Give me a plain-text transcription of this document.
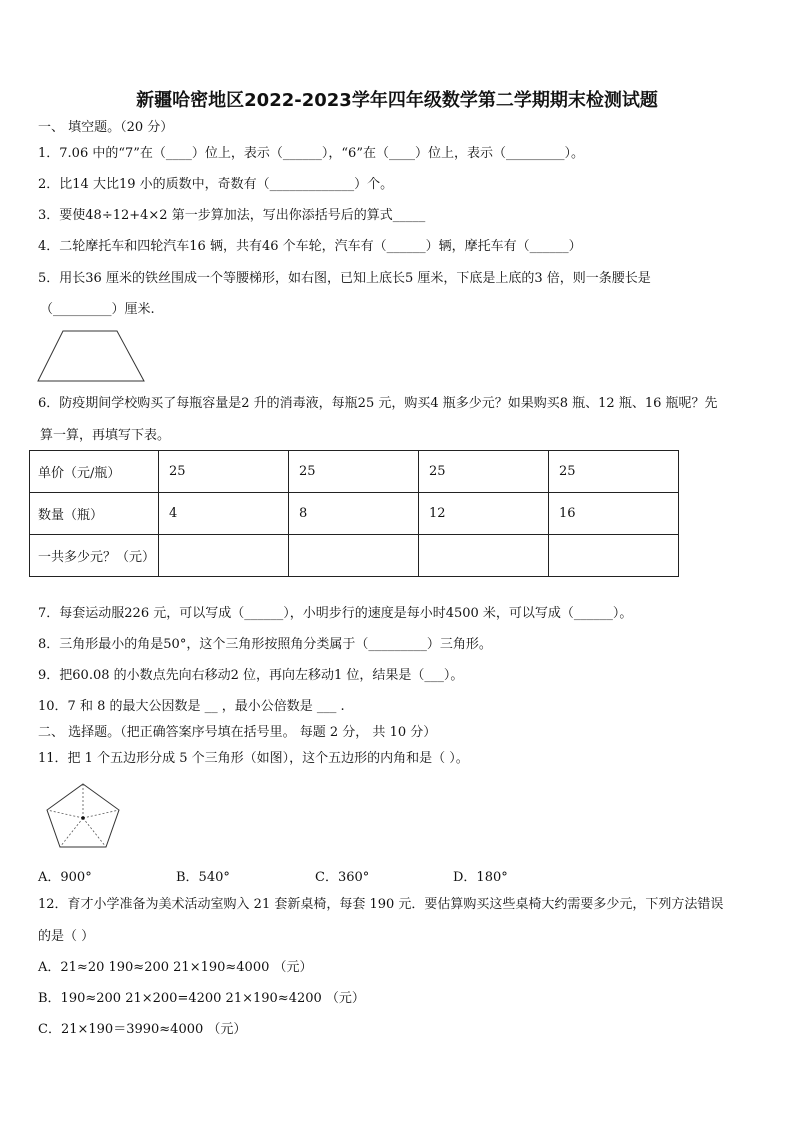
新疆哈密地区2022-2023学年四年级数学第二学期期末检测试题
一、 填空题。（20 分）
1．7.06 中的“7”在（____）位上，表示（______），“6”在（____）位上，表示（_________）。
2．比14 大比19 小的质数中，奇数有（_____________）个。
3．要使48÷12+4×2 第一步算加法，写出你添括号后的算式_____
4．二轮摩托车和四轮汽车16 辆，共有46 个车轮，汽车有（______）辆，摩托车有（______）
5．用长36 厘米的铁丝围成一个等腰梯形，如右图，已知上底长5 厘米，下底是上底的3 倍，则一条腰长是
（_________）厘米.
6．防疫期间学校购买了每瓶容量是2 升的消毒液，每瓶25 元，购买4 瓶多少元？如果购买8 瓶、12 瓶、16 瓶呢？先
算一算，再填写下表。
单价（元/瓶）	25	25	25	25
数量（瓶）	4	8	12	16
一共多少元？（元）				
7．每套运动服226 元，可以写成（______），小明步行的速度是每小时4500 米，可以写成（______）。
8．三角形最小的角是50°，这个三角形按照角分类属于（_________）三角形。
9．把60.08 的小数点先向右移动2 位，再向左移动1 位，结果是（___）。
10．7 和 8 的最大公因数是 __ ，最小公倍数是 ___ .
二、 选择题。（把正确答案序号填在括号里。 每题 2 分， 共 10 分）
11．把 1 个五边形分成 5 个三角形（如图），这个五边形的内角和是（ ）。
A．900°	B．540°	C．360°	D．180°
12．育才小学准备为美术活动室购入 21 套新桌椅，每套 190 元．要估算购买这些桌椅大约需要多少元，下列方法错误
的是（ ）
A．21≈20 190≈200 21×190≈4000 （元）
B．190≈200 21×200=4200 21×190≈4200 （元）
C．21×190＝3990≈4000 （元）
